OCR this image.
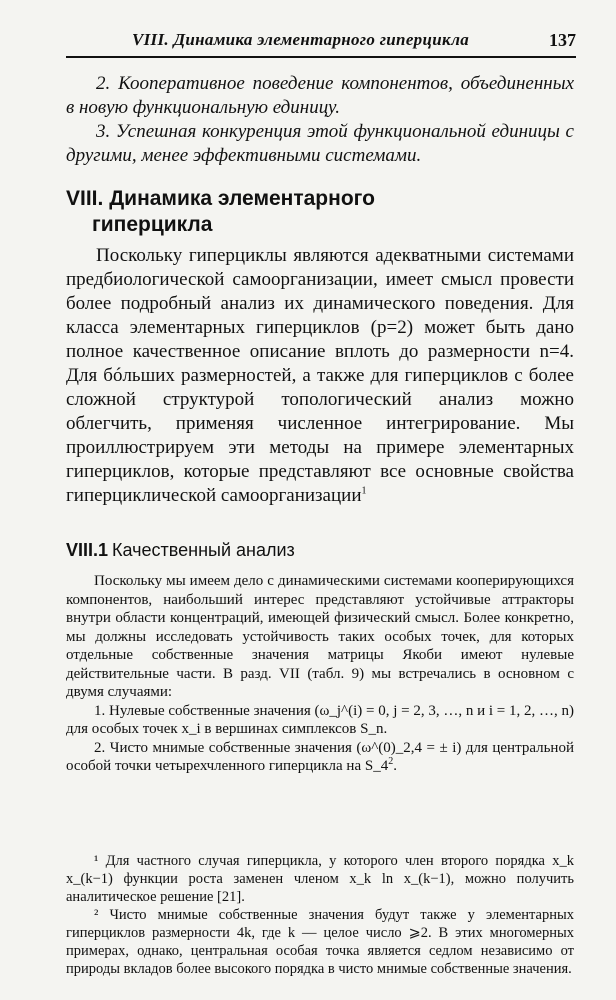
VIII. Динамика элементарного гиперцикла	137

2. Кооперативное поведение компонентов, объединенных в новую функциональную единицу.

3. Успешная конкуренция этой функциональной единицы с другими, менее эффективными системами.

VIII. Динамика элементарного
гиперцикла

Поскольку гиперциклы являются адекватными системами предбиологической самоорганизации, имеет смысл провести более подробный анализ их динамического поведения. Для класса элементарных гиперциклов (p=2) может быть дано полное качественное описание вплоть до размерности n=4. Для бóльших размерностей, а также для гиперциклов с более сложной структурой топологический анализ можно облегчить, применяя численное интегрирование. Мы проиллюстрируем эти методы на примере элементарных гиперциклов, которые представляют все основные свойства гиперциклической самоорганизации$^1$

VIII.1 Качественный анализ

Поскольку мы имеем дело с динамическими системами кооперирующихся компонентов, наибольший интерес представляют устойчивые аттракторы внутри области концентраций, имеющей физический смысл. Более конкретно, мы должны исследовать устойчивость таких особых точек, для которых отдельные собственные значения матрицы Якоби имеют нулевые действительные части. В разд. VII (табл. 9) мы встречались в основном с двумя случаями:

1. Нулевые собственные значения (ω_j^(i) = 0, j = 2, 3, …, n и i = 1, 2, …, n) для особых точек x_i в вершинах симплексов S_n.

2. Чисто мнимые собственные значения (ω^(0)_2,4 = ± i) для центральной особой точки четырехчленного гиперцикла на $S\_4^2$.

¹ Для частного случая гиперцикла, у которого член второго порядка x_k x_(k−1) функции роста заменен членом x_k ln x_(k−1), можно получить аналитическое решение [21].

² Чисто мнимые собственные значения будут также у элементарных гиперциклов размерности 4k, где k — целое число ⩾2. В этих многомерных примерах, однако, центральная особая точка является седлом независимо от природы вкладов более высокого порядка в чисто мнимые собственные значения.
